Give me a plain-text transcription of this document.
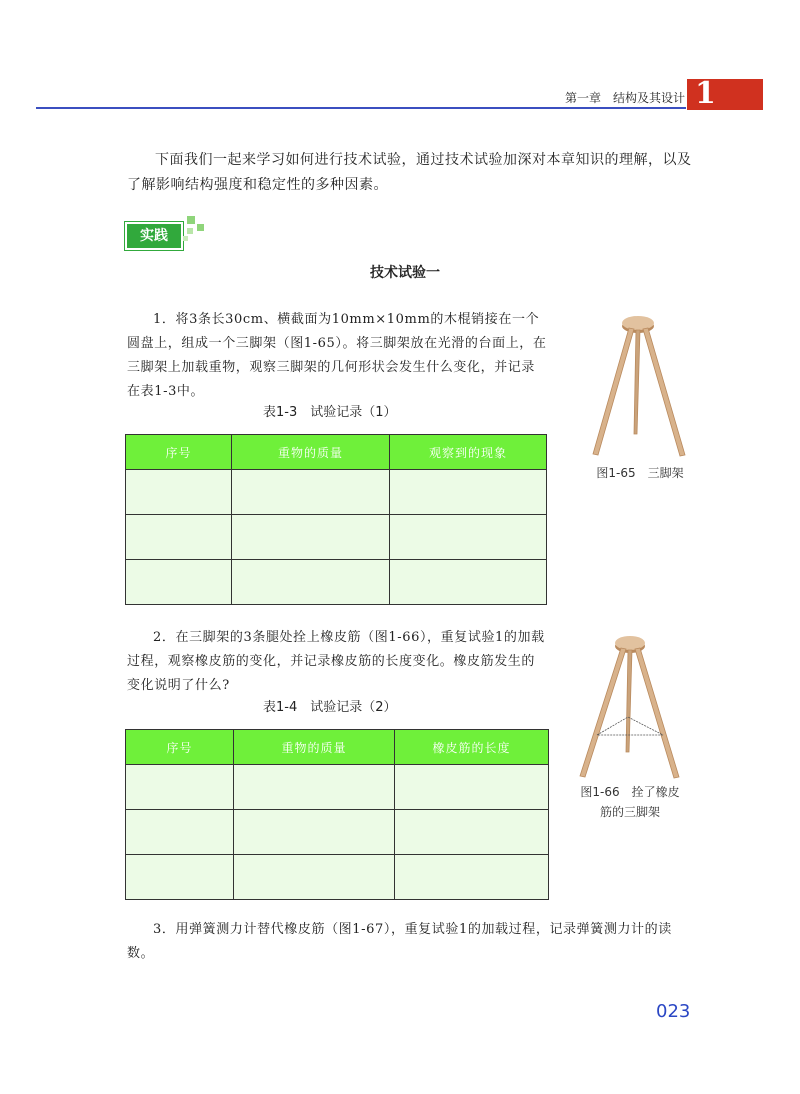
第一章　结构及其设计 1
下面我们一起来学习如何进行技术试验，通过技术试验加深对本章知识的理解，以及了解影响结构强度和稳定性的多种因素。
实践
技术试验一
1．将3条长30cm、横截面为10mm×10mm的木棍销接在一个圆盘上，组成一个三脚架（图1-65）。将三脚架放在光滑的台面上，在三脚架上加载重物，观察三脚架的几何形状会发生什么变化，并记录在表1-3中。
表1-3　试验记录（1）
序号	重物的质量	观察到的现象

图1-65　三脚架
2．在三脚架的3条腿处拴上橡皮筋（图1-66），重复试验1的加载过程，观察橡皮筋的变化，并记录橡皮筋的长度变化。橡皮筋发生的变化说明了什么?
表1-4　试验记录（2）
序号	重物的质量	橡皮筋的长度

图1-66　拴了橡皮
筋的三脚架
3．用弹簧测力计替代橡皮筋（图1-67），重复试验1的加载过程，记录弹簧测力计的读数。
023
